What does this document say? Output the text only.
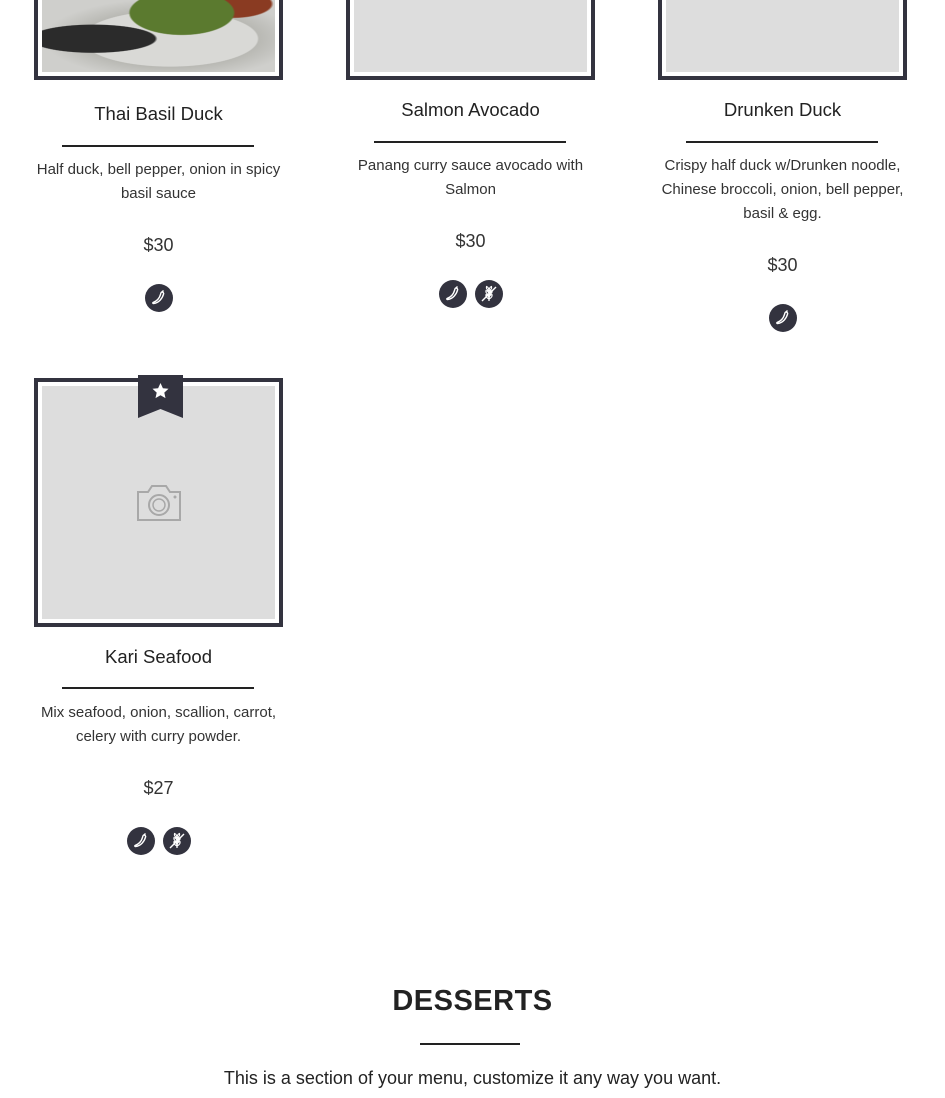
Thai Basil Duck
Half duck, bell pepper, onion in spicy basil sauce
$30
Salmon Avocado
Panang curry sauce avocado with Salmon
$30
Drunken Duck
Crispy half duck w/Drunken noodle, Chinese broccoli, onion, bell pepper, basil & egg.
$30
Kari Seafood
Mix seafood, onion, scallion, carrot, celery with curry powder.
$27
DESSERTS
This is a section of your menu, customize it any way you want.
